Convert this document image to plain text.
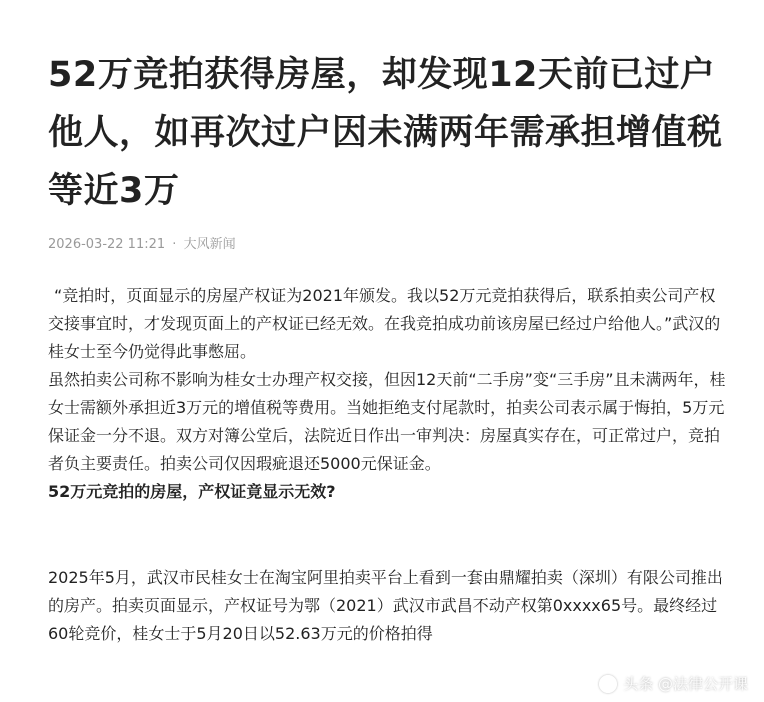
52万竞拍获得房屋，却发现12天前已过户他人，如再次过户因未满两年需承担增值税等近3万
2026-03-22 11:21 · 大风新闻

“竞拍时，页面显示的房屋产权证为2021年颁发。我以52万元竞拍获得后，联系拍卖公司产权交接事宜时，才发现页面上的产权证已经无效。在我竞拍成功前该房屋已经过户给他人。”武汉的桂女士至今仍觉得此事憋屈。

虽然拍卖公司称不影响为桂女士办理产权交接，但因12天前“二手房”变“三手房”且未满两年，桂女士需额外承担近3万元的增值税等费用。当她拒绝支付尾款时，拍卖公司表示属于悔拍，5万元保证金一分不退。双方对簿公堂后，法院近日作出一审判决：房屋真实存在，可正常过户，竞拍者负主要责任。拍卖公司仅因瑕疵退还5000元保证金。

52万元竞拍的房屋，产权证竟显示无效?

2025年5月，武汉市民桂女士在淘宝阿里拍卖平台上看到一套由鼎耀拍卖（深圳）有限公司推出的房产。拍卖页面显示，产权证号为鄂（2021）武汉市武昌不动产权第0xxxx65号。最终经过60轮竞价，桂女士于5月20日以52.63万元的价格拍得

头条 @法律公开课
